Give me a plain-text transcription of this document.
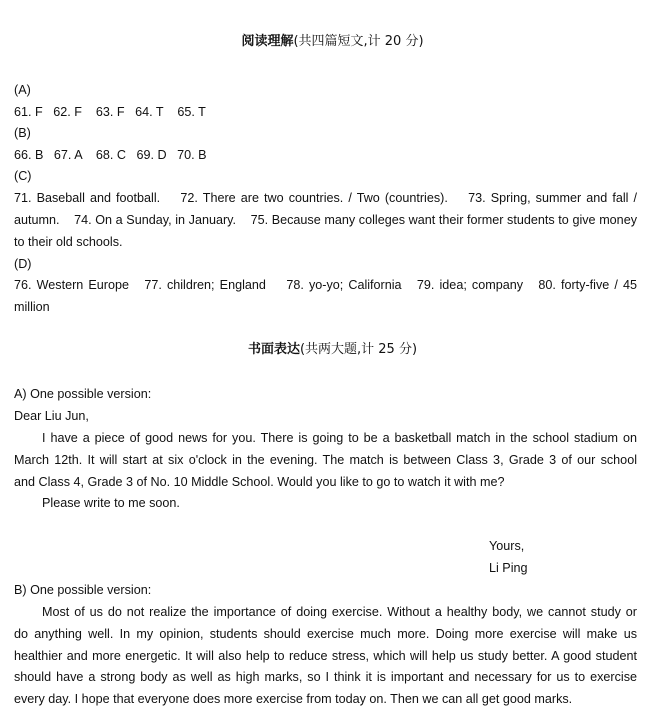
阅读理解(共四篇短文,计 20 分)
(A)
61. F   62. F    63. F   64. T    65. T
(B)
66. B   67. A    68. C   69. D   70. B
(C)
71. Baseball and football.    72. There are two countries. / Two (countries).    73. Spring, summer and fall /
autumn.    74. On a Sunday, in January.    75. Because many colleges want their former students to give money
to their old schools.
(D)
76. Western Europe   77. children; England    78. yo-yo; California   79. idea; company   80. forty-five / 45
million
书面表达(共两大题,计 25 分)
A) One possible version:
Dear Liu Jun,
I have a piece of good news for you. There is going to be a basketball match in the school stadium on
March 12th. It will start at six o'clock in the evening. The match is between Class 3, Grade 3 of our school
and Class 4, Grade 3 of No. 10 Middle School. Would you like to go to watch it with me?
Please write to me soon.
Yours,
Li Ping
B) One possible version:
Most of us do not realize the importance of doing exercise. Without a healthy body, we cannot study or
do anything well. In my opinion, students should exercise much more. Doing more exercise will make us
healthier and more energetic. It will also help to reduce stress, which will help us study better. A good student
should have a strong body as well as high marks, so I think it is important and necessary for us to exercise
every day. I hope that everyone does more exercise from today on. Then we can all get good marks.
